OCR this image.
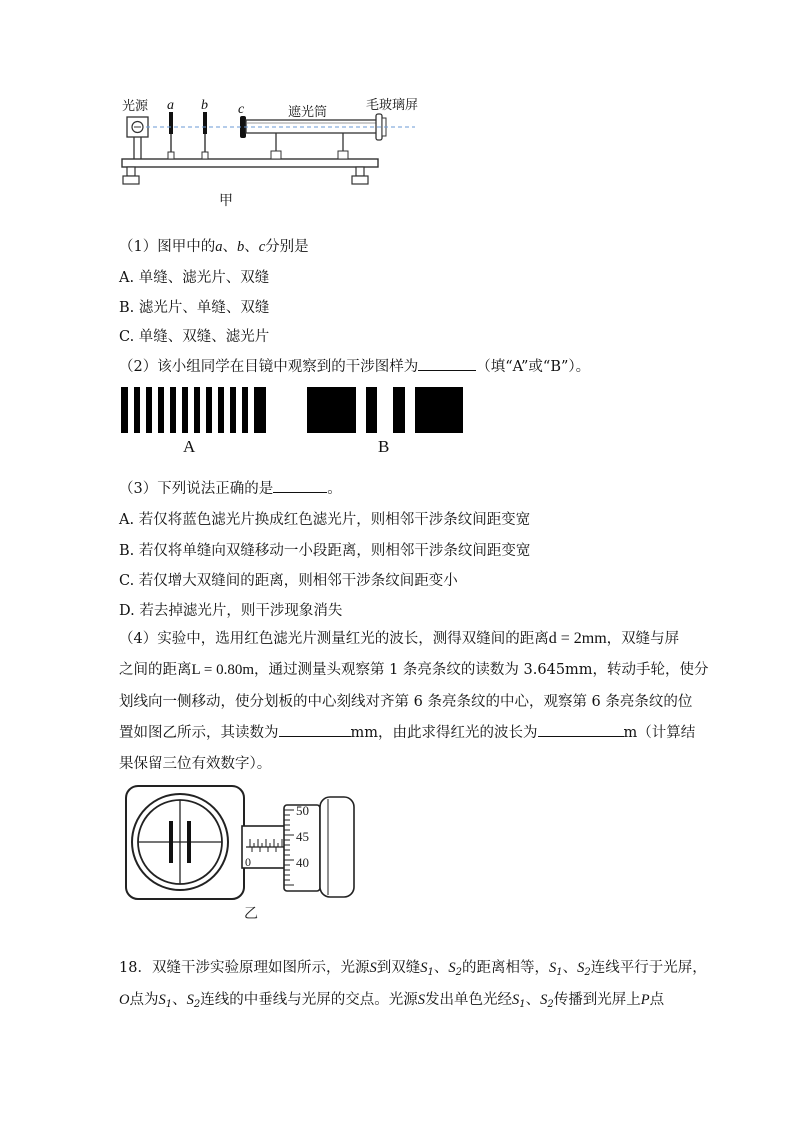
光源 a b c	遮光筒	毛玻璃屏
甲
（1）图甲中的a、b、c分别是
A. 单缝、滤光片、双缝
B. 滤光片、单缝、双缝
C. 单缝、双缝、滤光片
（2）该小组同学在目镜中观察到的干涉图样为	（填“A”或“B”）。
A	B
（3）下列说法正确的是	。
A. 若仅将蓝色滤光片换成红色滤光片，则相邻干涉条纹间距变宽
B. 若仅将单缝向双缝移动一小段距离，则相邻干涉条纹间距变宽
C. 若仅增大双缝间的距离，则相邻干涉条纹间距变小
D. 若去掉滤光片，则干涉现象消失
（4）实验中，选用红色滤光片测量红光的波长，测得双缝间的距离d = 2mm，双缝与屏
之间的距离L = 0.80m，通过测量头观察第 1 条亮条纹的读数为 3.645mm，转动手轮，使分
划线向一侧移动，使分划板的中心刻线对齐第 6 条亮条纹的中心，观察第 6 条亮条纹的位
置如图乙所示，其读数为	mm，由此求得红光的波长为	m（计算结
果保留三位有效数字）。
0
50
45
40
乙
18．双缝干涉实验原理如图所示，光源S到双缝$S_1$、$S_2$的距离相等，$S_1$、$S_2$连线平行于光屏，
O点为$S_1$、$S_2$连线的中垂线与光屏的交点。光源S发出单色光经$S_1$、$S_2$传播到光屏上P点
